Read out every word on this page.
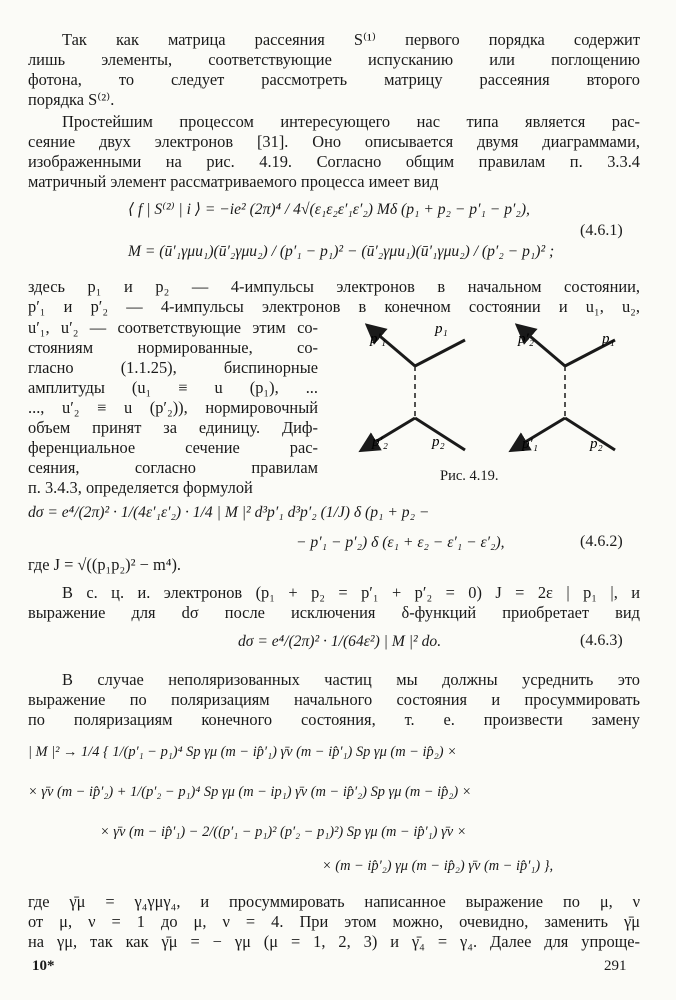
Так как матрица рассеяния S⁽¹⁾ первого порядка содержит
лишь элементы, соответствующие испусканию или поглощению
фотона, то следует рассмотреть матрицу рассеяния второго
порядка S⁽²⁾.
Простейшим процессом интересующего нас типа является рас-
сеяние двух электронов [31]. Оно описывается двумя диаграммами,
изображенными на рис. 4.19. Согласно общим правилам п. 3.3.4
матричный элемент рассматриваемого процесса имеет вид
⟨ f | S⁽²⁾ | i ⟩ = −ie² (2π)⁴ / 4√(ε₁ε₂ε′₁ε′₂) Mδ (p₁ + p₂ − p′₁ − p′₂),
M = (ū′₁γμu₁)(ū′₂γμu₂) / (p′₁ − p₁)² − (ū′₂γμu₁)(ū′₁γμu₂) / (p′₂ − p₁)² ;
(4.6.1)
здесь p₁ и p₂ — 4-импульсы электронов в начальном состоянии,
p′₁ и p′₂ — 4-импульсы электронов в конечном состоянии и u₁, u₂,
u′₁, u′₂ — соответствующие этим со-
стояниям нормированные, со-
гласно (1.1.25), биспинорные
амплитуды (u₁ ≡ u (p₁), ...
..., u′₂ ≡ u (p′₂)), нормировочный
объем принят за единицу. Диф-
ференциальное сечение рас-
сеяния, согласно правилам
п. 3.4.3, определяется формулой
p′₁
p₁
p′₂	p₂
p′₂	p₁
p′₁	p₂
Рис. 4.19.
dσ = e⁴/(2π)² · 1/(4ε′₁ε′₂) · 1/4 | M |² d³p′₁ d³p′₂ (1/J) δ (p₁ + p₂ −
− p′₁ − p′₂) δ (ε₁ + ε₂ − ε′₁ − ε′₂),	(4.6.2)
где J = √((p₁p₂)² − m⁴).
В с. ц. и. электронов (p₁ + p₂ = p′₁ + p′₂ = 0) J = 2ε | p₁ |, и
выражение для dσ после исключения δ-функций приобретает вид
dσ = e⁴/(2π)² · 1/(64ε²) | M |² do.	(4.6.3)
В случае неполяризованных частиц мы должны усреднить это
выражение по поляризациям начального состояния и просуммировать
по поляризациям конечного состояния, т. е. произвести замену
| M |² → 1/4 { 1/(p′₁ − p₁)⁴ Sp γμ (m − ip̂′₁) γ̄ν (m − ip̂′₁) Sp γμ (m − ip̂₂) ×
× γ̄ν (m − ip̂′₂) + 1/(p′₂ − p₁)⁴ Sp γμ (m − ip₁) γ̄ν (m − ip̂′₂) Sp γμ (m − ip̂₂) ×
× γ̄ν (m − ip̂′₁) − 2/((p′₁ − p₁)² (p′₂ − p₁)²) Sp γμ (m − ip̂′₁) γ̄ν ×
× (m − ip̂′₂) γμ (m − ip̂₂) γ̄ν (m − ip̂′₁) },
где γ̄μ = γ₄γμγ₄, и просуммировать написанное выражение по μ, ν
от μ, ν = 1 до μ, ν = 4. При этом можно, очевидно, заменить γ̄μ
на γμ, так как γ̄μ = − γμ (μ = 1, 2, 3) и γ̄₄ = γ₄. Далее для упроще-
10*	291
